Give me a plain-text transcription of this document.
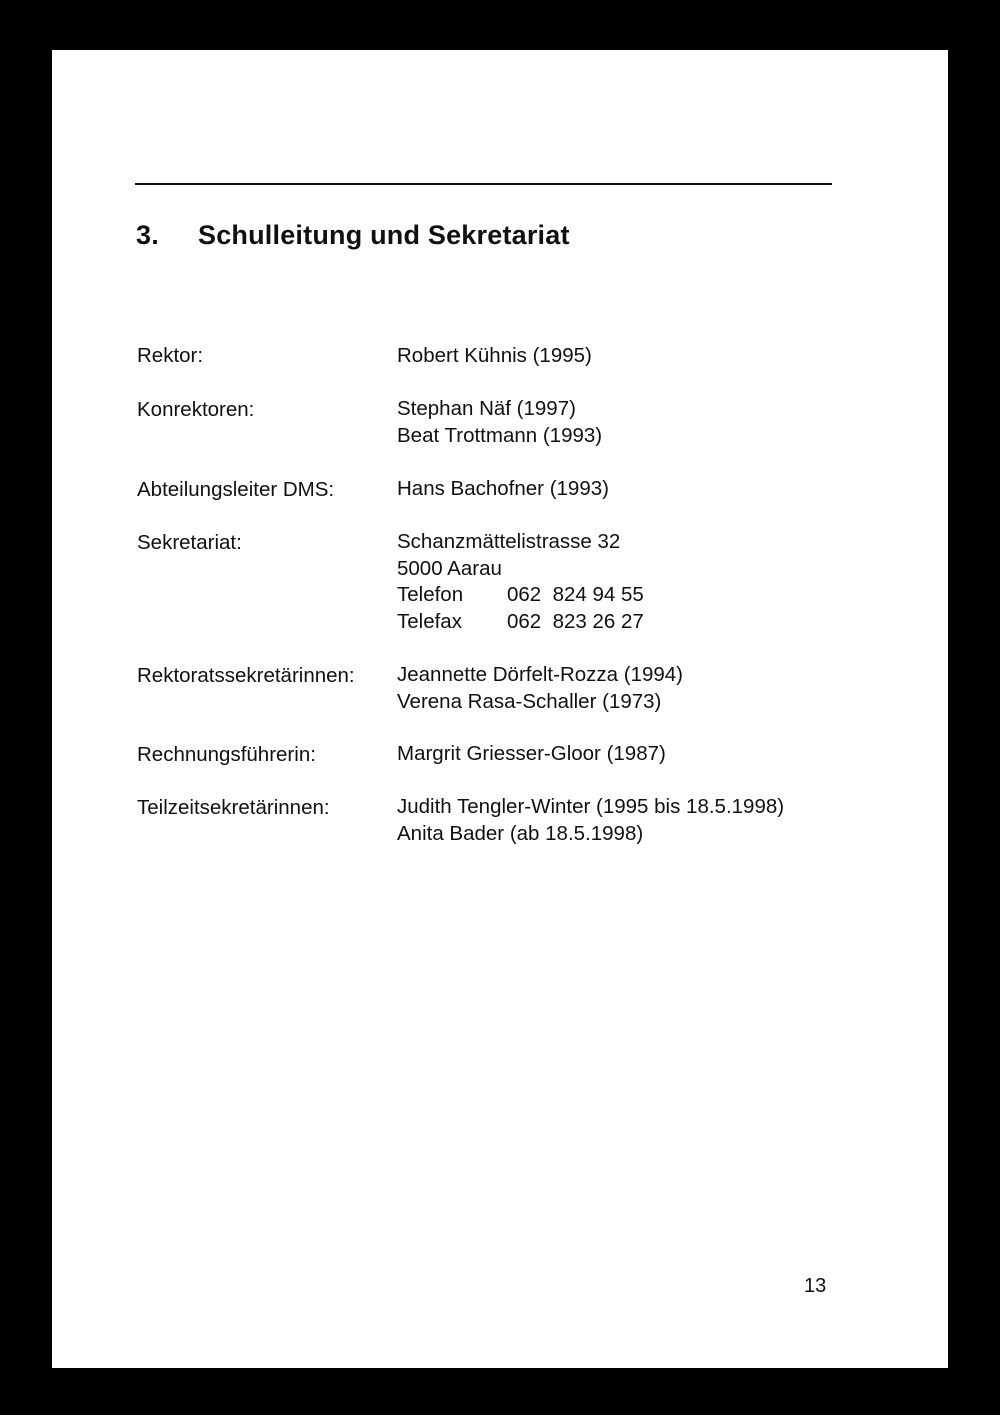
3. Schulleitung und Sekretariat
Rektor:	Robert Kühnis (1995)
Konrektoren:	Stephan Näf (1997)
Beat Trottmann (1993)
Abteilungsleiter DMS:	Hans Bachofner (1993)
Sekretariat:	Schanzmättelistrasse 32
5000 Aarau
Telefon 062  824 94 55
Telefax 062  823 26 27
Rektoratssekretärinnen: Jeannette Dörfelt-Rozza (1994)
Verena Rasa-Schaller (1973)
Rechnungsführerin:	Margrit Griesser-Gloor (1987)
Teilzeitsekretärinnen:	Judith Tengler-Winter (1995 bis 18.5.1998)
Anita Bader (ab 18.5.1998)
13
